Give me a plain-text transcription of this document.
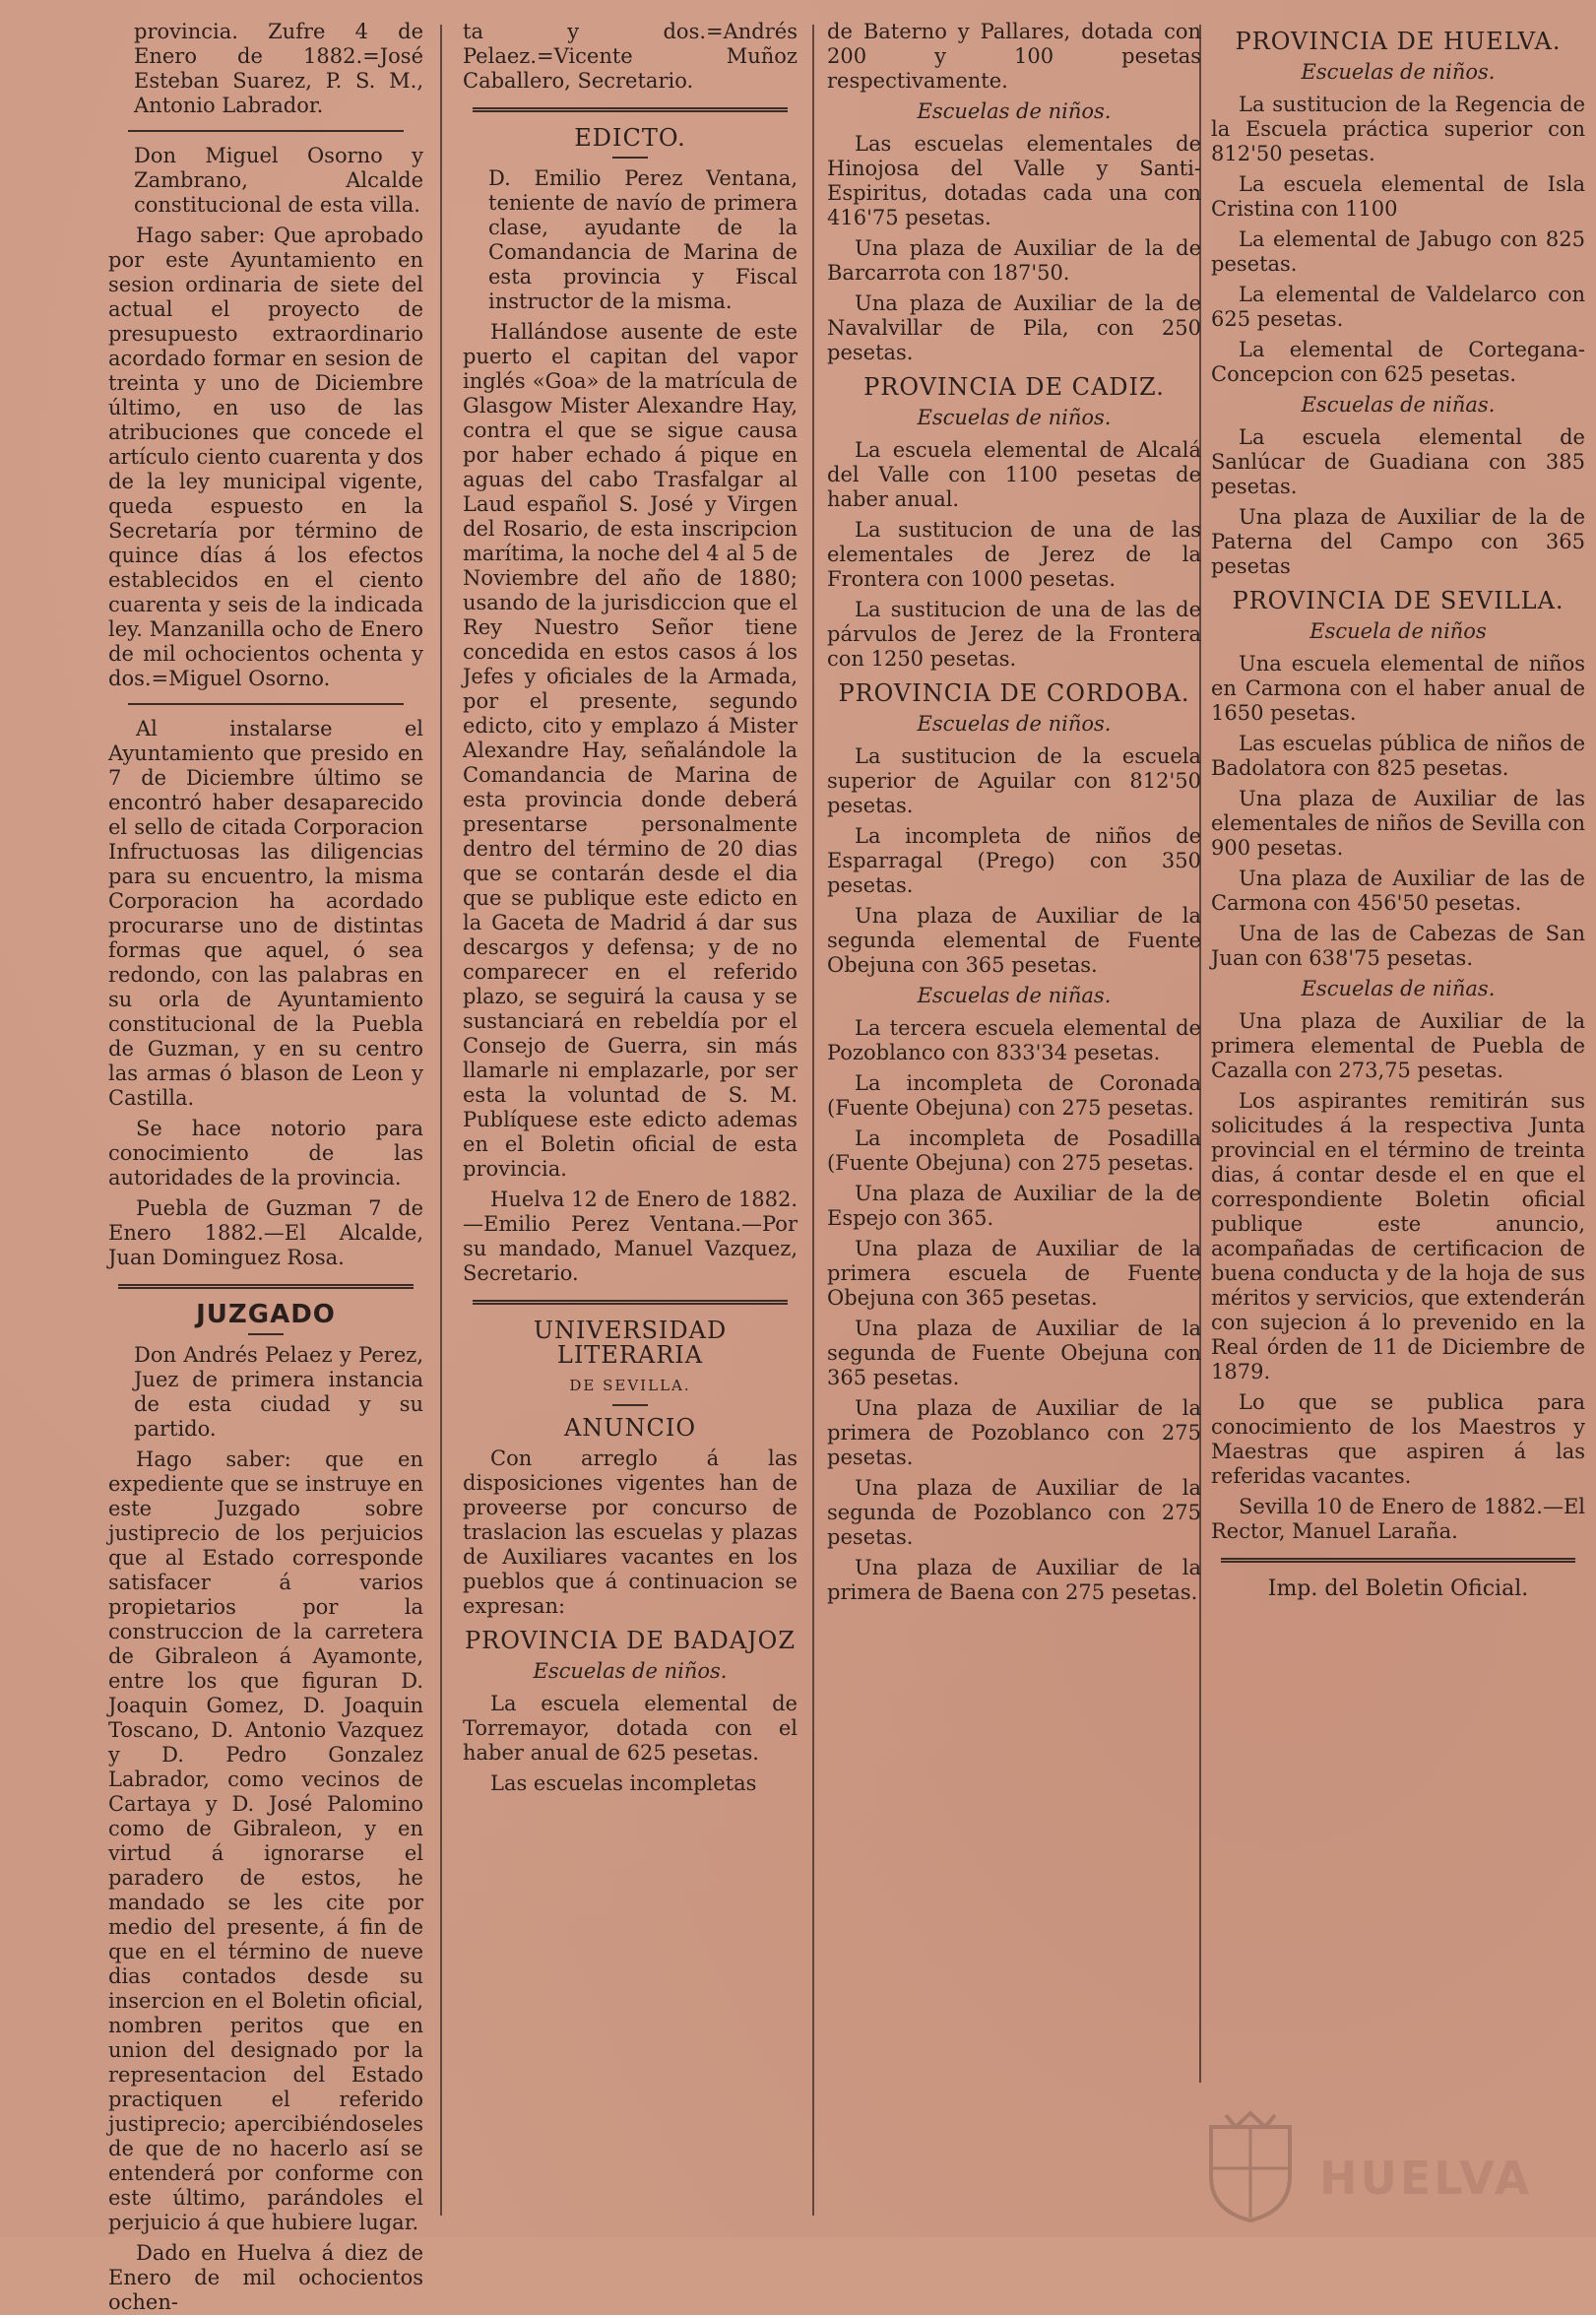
provincia. Zufre 4 de Enero de 1882.=José Esteban Suarez, P. S. M., Antonio Labrador.

Don Miguel Osorno y Zambrano, Alcalde constitucional de esta villa.

Hago saber: Que aprobado por este Ayuntamiento en sesion ordinaria de siete del actual el proyecto de presupuesto extraordinario acordado formar en sesion de treinta y uno de Diciembre último, en uso de las atribuciones que concede el artículo ciento cuarenta y dos de la ley municipal vigente, queda espuesto en la Secretaría por término de quince días á los efectos establecidos en el ciento cuarenta y seis de la indicada ley. Manzanilla ocho de Enero de mil ochocientos ochenta y dos.=Miguel Osorno.

Al instalarse el Ayuntamiento que presido en 7 de Diciembre último se encontró haber desaparecido el sello de citada Corporacion Infructuosas las diligencias para su encuentro, la misma Corporacion ha acordado procurarse uno de distintas formas que aquel, ó sea redondo, con las palabras en su orla de Ayuntamiento constitucional de la Puebla de Guzman, y en su centro las armas ó blason de Leon y Castilla.

Se hace notorio para conocimiento de las autoridades de la provincia.

Puebla de Guzman 7 de Enero 1882.—El Alcalde, Juan Dominguez Rosa.

JUZGADO

Don Andrés Pelaez y Perez, Juez de primera instancia de esta ciudad y su partido.

Hago saber: que en expediente que se instruye en este Juzgado sobre justiprecio de los perjuicios que al Estado corresponde satisfacer á varios propietarios por la construccion de la carretera de Gibraleon á Ayamonte, entre los que figuran D. Joaquin Gomez, D. Joaquin Toscano, D. Antonio Vazquez y D. Pedro Gonzalez Labrador, como vecinos de Cartaya y D. José Palomino como de Gibraleon, y en virtud á ignorarse el paradero de estos, he mandado se les cite por medio del presente, á fin de que en el término de nueve dias contados desde su insercion en el Boletin oficial, nombren peritos que en union del designado por la representacion del Estado practiquen el referido justiprecio; apercibiéndoseles de que de no hacerlo así se entenderá por conforme con este último, parándoles el perjuicio á que hubiere lugar.

Dado en Huelva á diez de Enero de mil ochocientos ochen-

ta y dos.=Andrés Pelaez.=Vicente Muñoz Caballero, Secretario.

EDICTO.

D. Emilio Perez Ventana, teniente de navío de primera clase, ayudante de la Comandancia de Marina de esta provincia y Fiscal instructor de la misma.

Hallándose ausente de este puerto el capitan del vapor inglés «Goa» de la matrícula de Glasgow Mister Alexandre Hay, contra el que se sigue causa por haber echado á pique en aguas del cabo Trasfalgar al Laud español S. José y Virgen del Rosario, de esta inscripcion marítima, la noche del 4 al 5 de Noviembre del año de 1880; usando de la jurisdiccion que el Rey Nuestro Señor tiene concedida en estos casos á los Jefes y oficiales de la Armada, por el presente, segundo edicto, cito y emplazo á Mister Alexandre Hay, señalándole la Comandancia de Marina de esta provincia donde deberá presentarse personalmente dentro del término de 20 dias que se contarán desde el dia que se publique este edicto en la Gaceta de Madrid á dar sus descargos y defensa; y de no comparecer en el referido plazo, se seguirá la causa y se sustanciará en rebeldía por el Consejo de Guerra, sin más llamarle ni emplazarle, por ser esta la voluntad de S. M. Publíquese este edicto ademas en el Boletin oficial de esta provincia.

Huelva 12 de Enero de 1882.—Emilio Perez Ventana.—Por su mandado, Manuel Vazquez, Secretario.

UNIVERSIDAD LITERARIA
DE SEVILLA.
ANUNCIO

Con arreglo á las disposiciones vigentes han de proveerse por concurso de traslacion las escuelas y plazas de Auxiliares vacantes en los pueblos que á continuacion se expresan:

PROVINCIA DE BADAJOZ
Escuelas de niños.

La escuela elemental de Torremayor, dotada con el haber anual de 625 pesetas.

Las escuelas incompletas

de Baterno y Pallares, dotada con 200 y 100 pesetas respectivamente.

Escuelas de niños.

Las escuelas elementales de Hinojosa del Valle y Santi-Espiritus, dotadas cada una con 416'75 pesetas.

Una plaza de Auxiliar de la de Barcarrota con 187'50.

Una plaza de Auxiliar de la de Navalvillar de Pila, con 250 pesetas.

PROVINCIA DE CADIZ.
Escuelas de niños.

La escuela elemental de Alcalá del Valle con 1100 pesetas de haber anual.

La sustitucion de una de las elementales de Jerez de la Frontera con 1000 pesetas.

La sustitucion de una de las de párvulos de Jerez de la Frontera con 1250 pesetas.

PROVINCIA DE CORDOBA.
Escuelas de niños.

La sustitucion de la escuela superior de Aguilar con 812'50 pesetas.

La incompleta de niños de Esparragal (Prego) con 350 pesetas.

Una plaza de Auxiliar de la segunda elemental de Fuente Obejuna con 365 pesetas.

Escuelas de niñas.

La tercera escuela elemental de Pozoblanco con 833'34 pesetas.

La incompleta de Coronada (Fuente Obejuna) con 275 pesetas.

La incompleta de Posadilla (Fuente Obejuna) con 275 pesetas.

Una plaza de Auxiliar de la de Espejo con 365.

Una plaza de Auxiliar de la primera escuela de Fuente Obejuna con 365 pesetas.

Una plaza de Auxiliar de la segunda de Fuente Obejuna con 365 pesetas.

Una plaza de Auxiliar de la primera de Pozoblanco con 275 pesetas.

Una plaza de Auxiliar de la segunda de Pozoblanco con 275 pesetas.

Una plaza de Auxiliar de la primera de Baena con 275 pesetas.

PROVINCIA DE HUELVA.
Escuelas de niños.

La sustitucion de la Regencia de la Escuela práctica superior con 812'50 pesetas.

La escuela elemental de Isla Cristina con 1100

La elemental de Jabugo con 825 pesetas.

La elemental de Valdelarco con 625 pesetas.

La elemental de Cortegana-Concepcion con 625 pesetas.

Escuelas de niñas.

La escuela elemental de Sanlúcar de Guadiana con 385 pesetas.

Una plaza de Auxiliar de la de Paterna del Campo con 365 pesetas

PROVINCIA DE SEVILLA.
Escuela de niños

Una escuela elemental de niños en Carmona con el haber anual de 1650 pesetas.

Las escuelas pública de niños de Badolatora con 825 pesetas.

Una plaza de Auxiliar de las elementales de niños de Sevilla con 900 pesetas.

Una plaza de Auxiliar de las de Carmona con 456'50 pesetas.

Una de las de Cabezas de San Juan con 638'75 pesetas.

Escuelas de niñas.

Una plaza de Auxiliar de la primera elemental de Puebla de Cazalla con 273,75 pesetas.

Los aspirantes remitirán sus solicitudes á la respectiva Junta provincial en el término de treinta dias, á contar desde el en que el correspondiente Boletin oficial publique este anuncio, acompañadas de certificacion de buena conducta y de la hoja de sus méritos y servicios, que extenderán con sujecion á lo prevenido en la Real órden de 11 de Diciembre de 1879.

Lo que se publica para conocimiento de los Maestros y Maestras que aspiren á las referidas vacantes.

Sevilla 10 de Enero de 1882.—El Rector, Manuel Laraña.

Imp. del Boletin Oficial.
HUELVA
